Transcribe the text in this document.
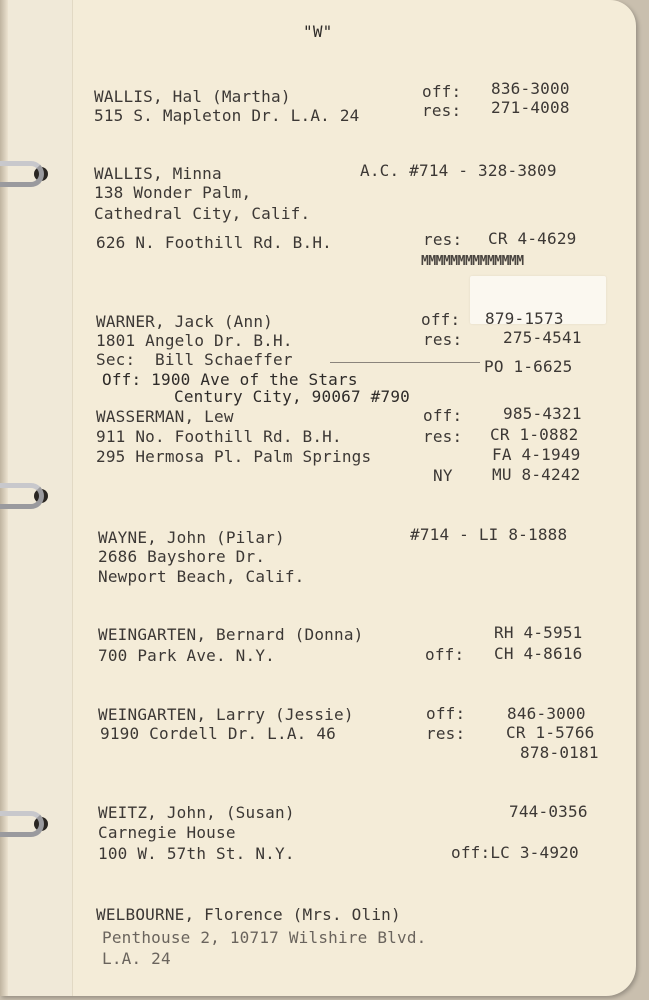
"W"
WALLIS, Hal (Martha)	off: 836-3000
515 S. Mapleton Dr. L.A. 24	res: 271-4008
WALLIS, Minna	A.C. #714 - 328-3809
138 Wonder Palm,
Cathedral City, Calif.
626 N. Foothill Rd. B.H.	res: CR 4-4629
MMMMMMMMMMMMMM
WARNER, Jack (Ann)	off: 879-1573
1801 Angelo Dr. B.H.	res:	275-4541
Sec:  Bill Schaeffer	PO 1-6625
Off: 1900 Ave of the Stars
Century City, 90067 #790
WASSERMAN, Lew	off:	985-4321
911 No. Foothill Rd. B.H.	res: CR 1-0882
295 Hermosa Pl. Palm Springs	FA 4-1949
NY MU 8-4242
WAYNE, John (Pilar)	#714 - LI 8-1888
2686 Bayshore Dr.
Newport Beach, Calif.
WEINGARTEN, Bernard (Donna)	RH 4-5951
700 Park Ave. N.Y.	off: CH 4-8616
WEINGARTEN, Larry (Jessie)	off:	846-3000
9190 Cordell Dr. L.A. 46	res:	CR 1-5766
878-0181
WEITZ, John, (Susan)	744-0356
Carnegie House
100 W. 57th St. N.Y.	off:LC 3-4920
WELBOURNE, Florence (Mrs. Olin)
Penthouse 2, 10717 Wilshire Blvd.
L.A. 24
